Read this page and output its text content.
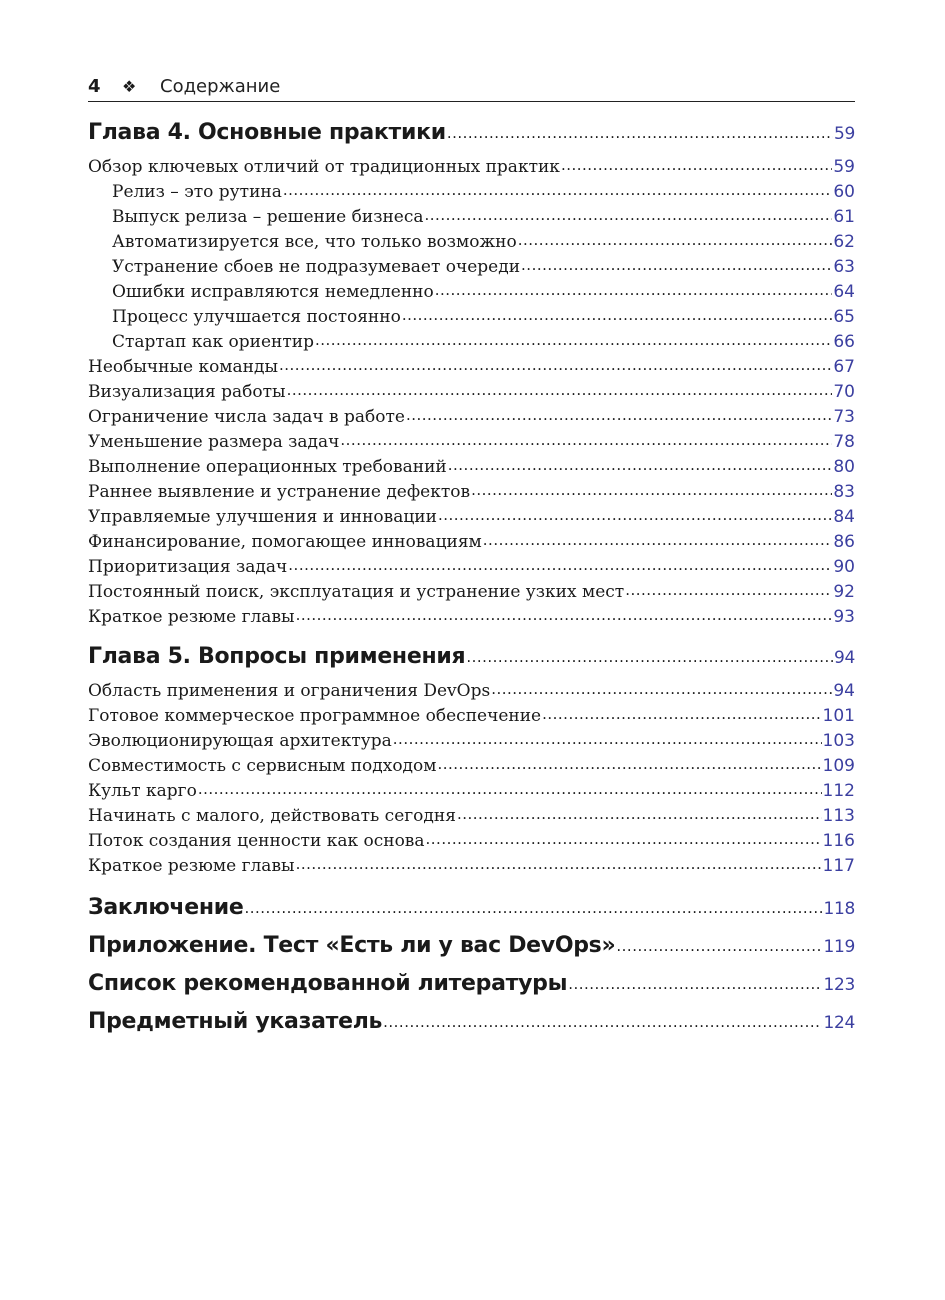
4	❖	Содержание
Глава 4. Основные практики .....	59
Обзор ключевых отличий от традиционных практик .....	59
Релиз – это рутина .....	60
Выпуск релиза – решение бизнеса .....	61
Автоматизируется все, что только возможно .....	62
Устранение сбоев не подразумевает очереди .....	63
Ошибки исправляются немедленно .....	64
Процесс улучшается постоянно .....	65
Стартап как ориентир .....	66
Необычные команды .....	67
Визуализация работы .....	70
Ограничение числа задач в работе .....	73
Уменьшение размера задач .....	78
Выполнение операционных требований .....	80
Раннее выявление и устранение дефектов .....	83
Управляемые улучшения и инновации .....	84
Финансирование, помогающее инновациям .....	86
Приоритизация задач .....	90
Постоянный поиск, эксплуатация и устранение узких мест .....	92
Краткое резюме главы .....	93
Глава 5. Вопросы применения .....	94
Область применения и ограничения DevOps .....	94
Готовое коммерческое программное обеспечение .....	101
Эволюционирующая архитектура .....	103
Совместимость с сервисным подходом .....	109
Культ карго .....	112
Начинать с малого, действовать сегодня .....	113
Поток создания ценности как основа .....	116
Краткое резюме главы .....	117
Заключение .....	118
Приложение. Тест «Есть ли у вас DevOps» .....	119
Список рекомендованной литературы .....	123
Предметный указатель .....	124
